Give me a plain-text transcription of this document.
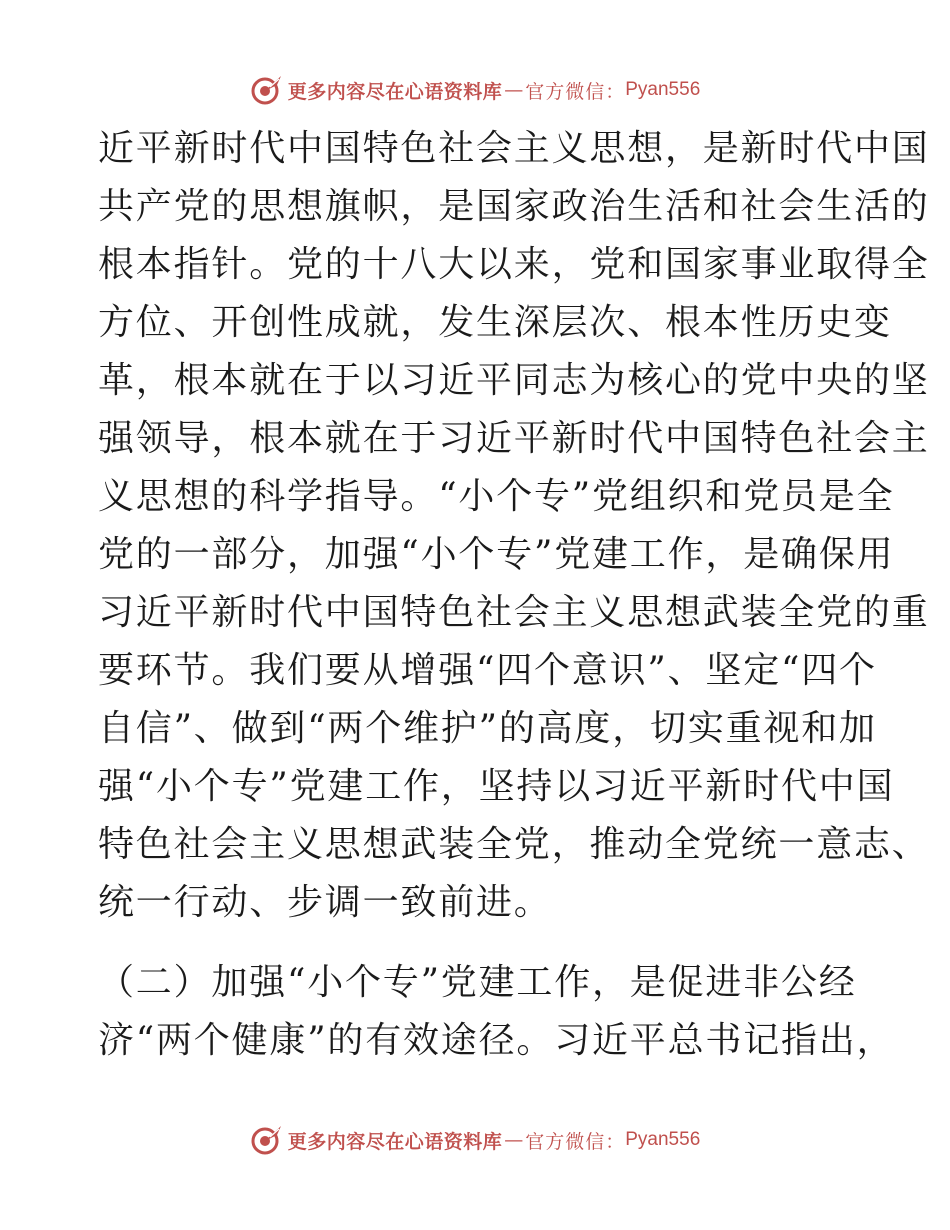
更多内容尽在心语资料库 — 官方微信： Pyan556
近平新时代中国特色社会主义思想，是新时代中国
共产党的思想旗帜，是国家政治生活和社会生活的
根本指针。党的十八大以来，党和国家事业取得全
方位、开创性成就，发生深层次、根本性历史变
革，根本就在于以习近平同志为核心的党中央的坚
强领导，根本就在于习近平新时代中国特色社会主
义思想的科学指导。“小个专”党组织和党员是全
党的一部分，加强“小个专”党建工作，是确保用
习近平新时代中国特色社会主义思想武装全党的重
要环节。我们要从增强“四个意识”、坚定“四个
自信”、做到“两个维护”的高度，切实重视和加
强“小个专”党建工作，坚持以习近平新时代中国
特色社会主义思想武装全党，推动全党统一意志、
统一行动、步调一致前进。
（二）加强“小个专”党建工作，是促进非公经
济“两个健康”的有效途径。习近平总书记指出，
更多内容尽在心语资料库 — 官方微信： Pyan556
